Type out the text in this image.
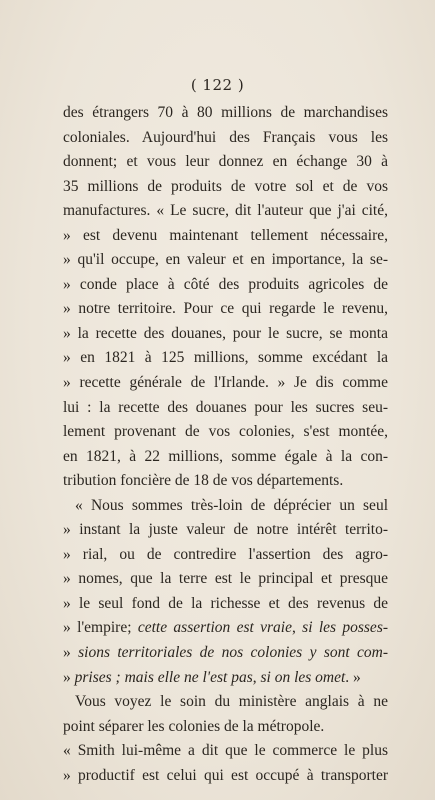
( 122 )
des étrangers 70 à 80 millions de marchandises
coloniales. Aujourd'hui des Français vous les
donnent; et vous leur donnez en échange 30 à
35 millions de produits de votre sol et de vos
manufactures. « Le sucre, dit l'auteur que j'ai cité,
» est devenu maintenant tellement nécessaire,
» qu'il occupe, en valeur et en importance, la se-
» conde place à côté des produits agricoles de
» notre territoire. Pour ce qui regarde le revenu,
» la recette des douanes, pour le sucre, se monta
» en 1821 à 125 millions, somme excédant la
» recette générale de l'Irlande. » Je dis comme
lui : la recette des douanes pour les sucres seu-
lement provenant de vos colonies, s'est montée,
en 1821, à 22 millions, somme égale à la con-
tribution foncière de 18 de vos départements.
« Nous sommes très-loin de déprécier un seul
» instant la juste valeur de notre intérêt territo-
» rial, ou de contredire l'assertion des agro-
» nomes, que la terre est le principal et presque
» le seul fond de la richesse et des revenus de
» l'empire; cette assertion est vraie, si les posses-
» sions territoriales de nos colonies y sont com-
» prises ; mais elle ne l'est pas, si on les omet. »
Vous voyez le soin du ministère anglais à ne
point séparer les colonies de la métropole.
« Smith lui-même a dit que le commerce le plus
» productif est celui qui est occupé à transporter
